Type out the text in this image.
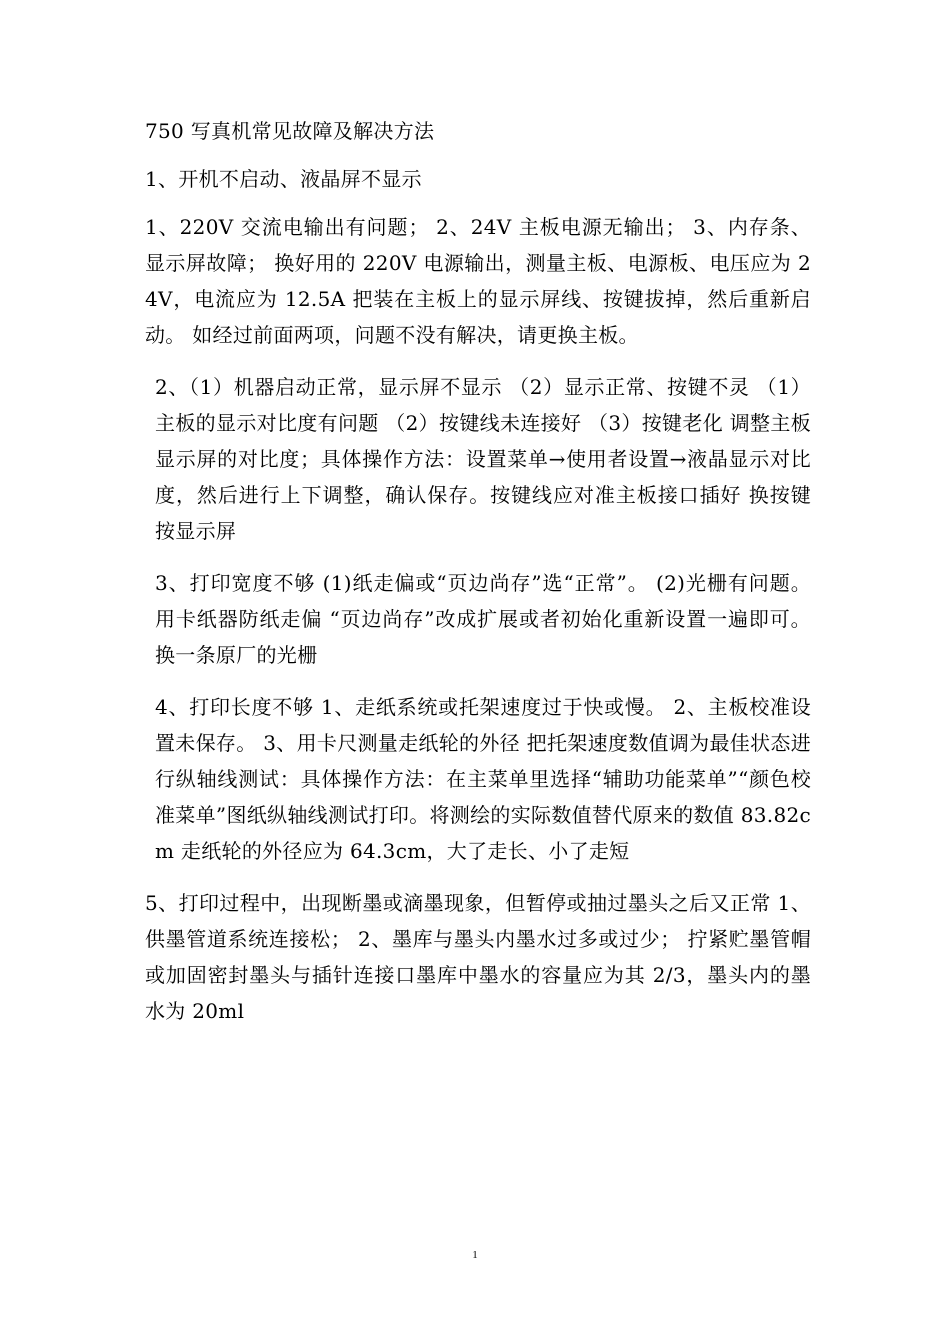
750 写真机常见故障及解决方法

1、开机不启动、液晶屏不显示

1、220V 交流电输出有问题； 2、24V 主板电源无输出； 3、内存条、显示屏故障； 换好用的 220V 电源输出，测量主板、电源板、电压应为 24V，电流应为 12.5A 把装在主板上的显示屏线、按键拔掉，然后重新启动。 如经过前面两项，问题不没有解决，请更换主板。

2、（1）机器启动正常，显示屏不显示 （2）显示正常、按键不灵 （1）主板的显示对比度有问题 （2）按键线未连接好 （3）按键老化 调整主板显示屏的对比度；具体操作方法：设置菜单→使用者设置→液晶显示对比度，然后进行上下调整，确认保存。按键线应对准主板接口插好 换按键 按显示屏

3、打印宽度不够 (1)纸走偏或“页边尚存”选“正常”。 (2)光栅有问题。 用卡纸器防纸走偏 “页边尚存”改成扩展或者初始化重新设置一遍即可。 换一条原厂的光栅

4、打印长度不够 1、走纸系统或托架速度过于快或慢。 2、主板校准设置未保存。 3、用卡尺测量走纸轮的外径 把托架速度数值调为最佳状态进行纵轴线测试：具体操作方法：在主菜单里选择“辅助功能菜单”“颜色校准菜单”图纸纵轴线测试打印。将测绘的实际数值替代原来的数值 83.82cm 走纸轮的外径应为 64.3cm，大了走长、小了走短

5、打印过程中，出现断墨或滴墨现象，但暂停或抽过墨头之后又正常 1、供墨管道系统连接松； 2、墨库与墨头内墨水过多或过少； 拧紧贮墨管帽或加固密封墨头与插针连接口墨库中墨水的容量应为其 2/3，墨头内的墨水为 20ml

1
